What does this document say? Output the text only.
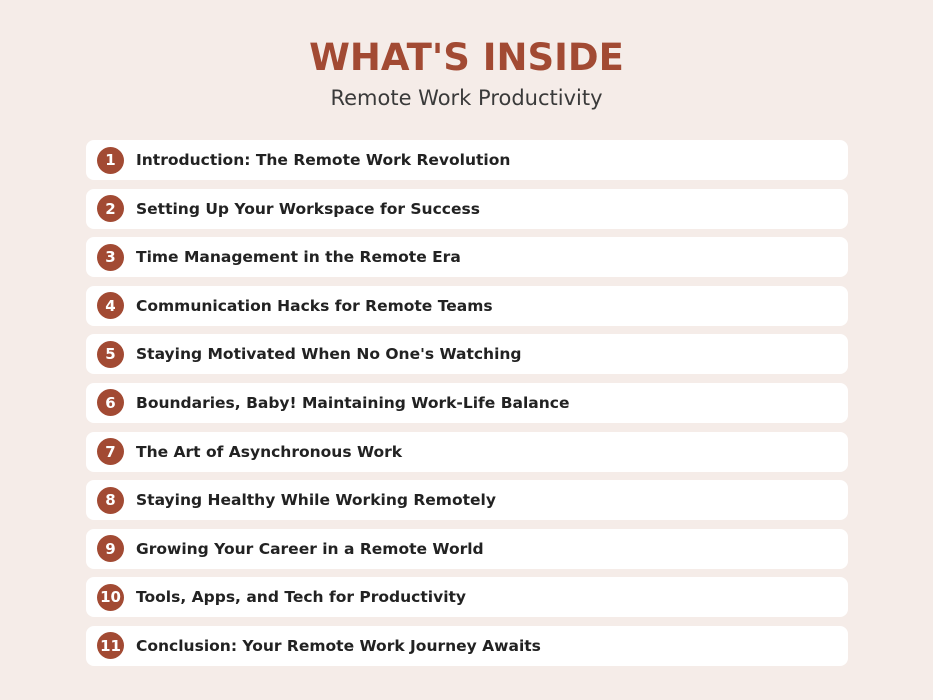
WHAT'S INSIDE
Remote Work Productivity
1	Introduction: The Remote Work Revolution
2	Setting Up Your Workspace for Success
3	Time Management in the Remote Era
4	Communication Hacks for Remote Teams
5	Staying Motivated When No One's Watching
6	Boundaries, Baby! Maintaining Work-Life Balance
7	The Art of Asynchronous Work
8	Staying Healthy While Working Remotely
9	Growing Your Career in a Remote World
10 Tools, Apps, and Tech for Productivity
11 Conclusion: Your Remote Work Journey Awaits
